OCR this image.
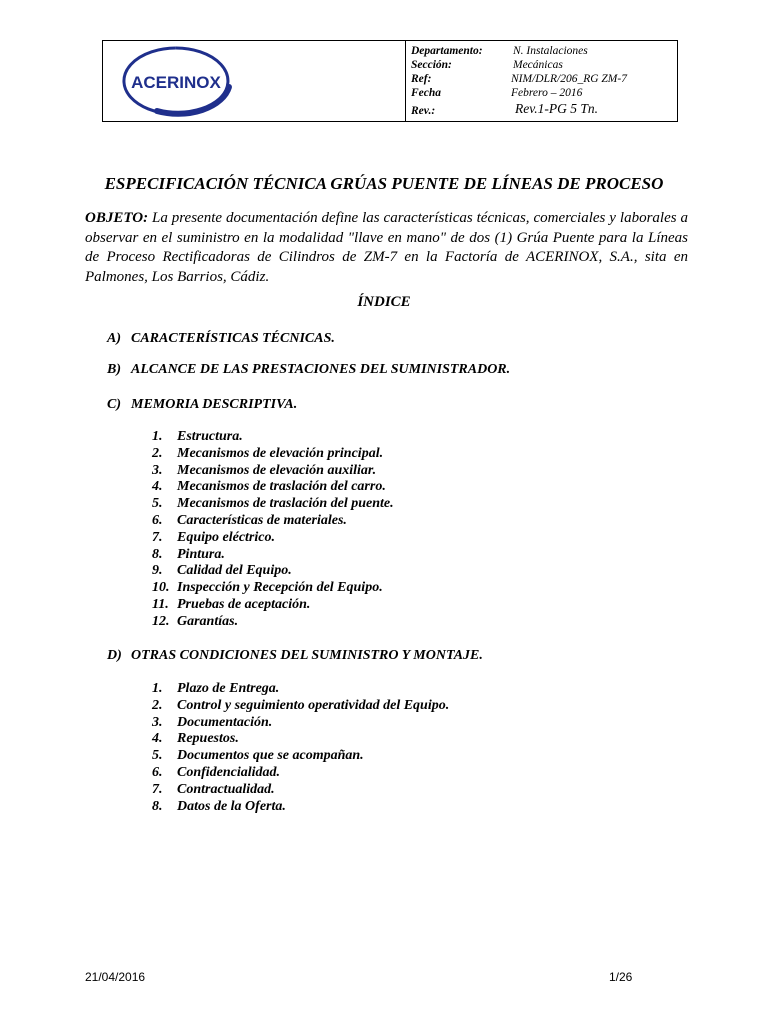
ACERINOX
Departamento:	N. Instalaciones
Sección:	Mecánicas
Ref:	NIM/DLR/206_RG ZM-7
Fecha	Febrero – 2016
Rev.:	Rev.1-PG 5 Tn.
ESPECIFICACIÓN TÉCNICA GRÚAS PUENTE DE LÍNEAS DE PROCESO
OBJETO: La presente documentación define las características técnicas, comerciales y laborales a observar en el suministro en la modalidad "llave en mano" de dos (1) Grúa Puente para la Líneas de Proceso Rectificadoras de Cilindros de ZM-7 en la Factoría de ACERINOX, S.A., sita en Palmones, Los Barrios, Cádiz.
ÍNDICE
A) CARACTERÍSTICAS TÉCNICAS.
B) ALCANCE DE LAS PRESTACIONES DEL SUMINISTRADOR.
C) MEMORIA DESCRIPTIVA.
1. Estructura.
2. Mecanismos de elevación principal.
3. Mecanismos de elevación auxiliar.
4. Mecanismos de traslación del carro.
5. Mecanismos de traslación del puente.
6. Características de materiales.
7. Equipo eléctrico.
8. Pintura.
9. Calidad del Equipo.
10. Inspección y Recepción del Equipo.
11. Pruebas de aceptación.
12. Garantías.
D) OTRAS CONDICIONES DEL SUMINISTRO Y MONTAJE.
1. Plazo de Entrega.
2. Control y seguimiento operatividad del Equipo.
3. Documentación.
4. Repuestos.
5. Documentos que se acompañan.
6. Confidencialidad.
7. Contractualidad.
8. Datos de la Oferta.
21/04/2016	1/26
